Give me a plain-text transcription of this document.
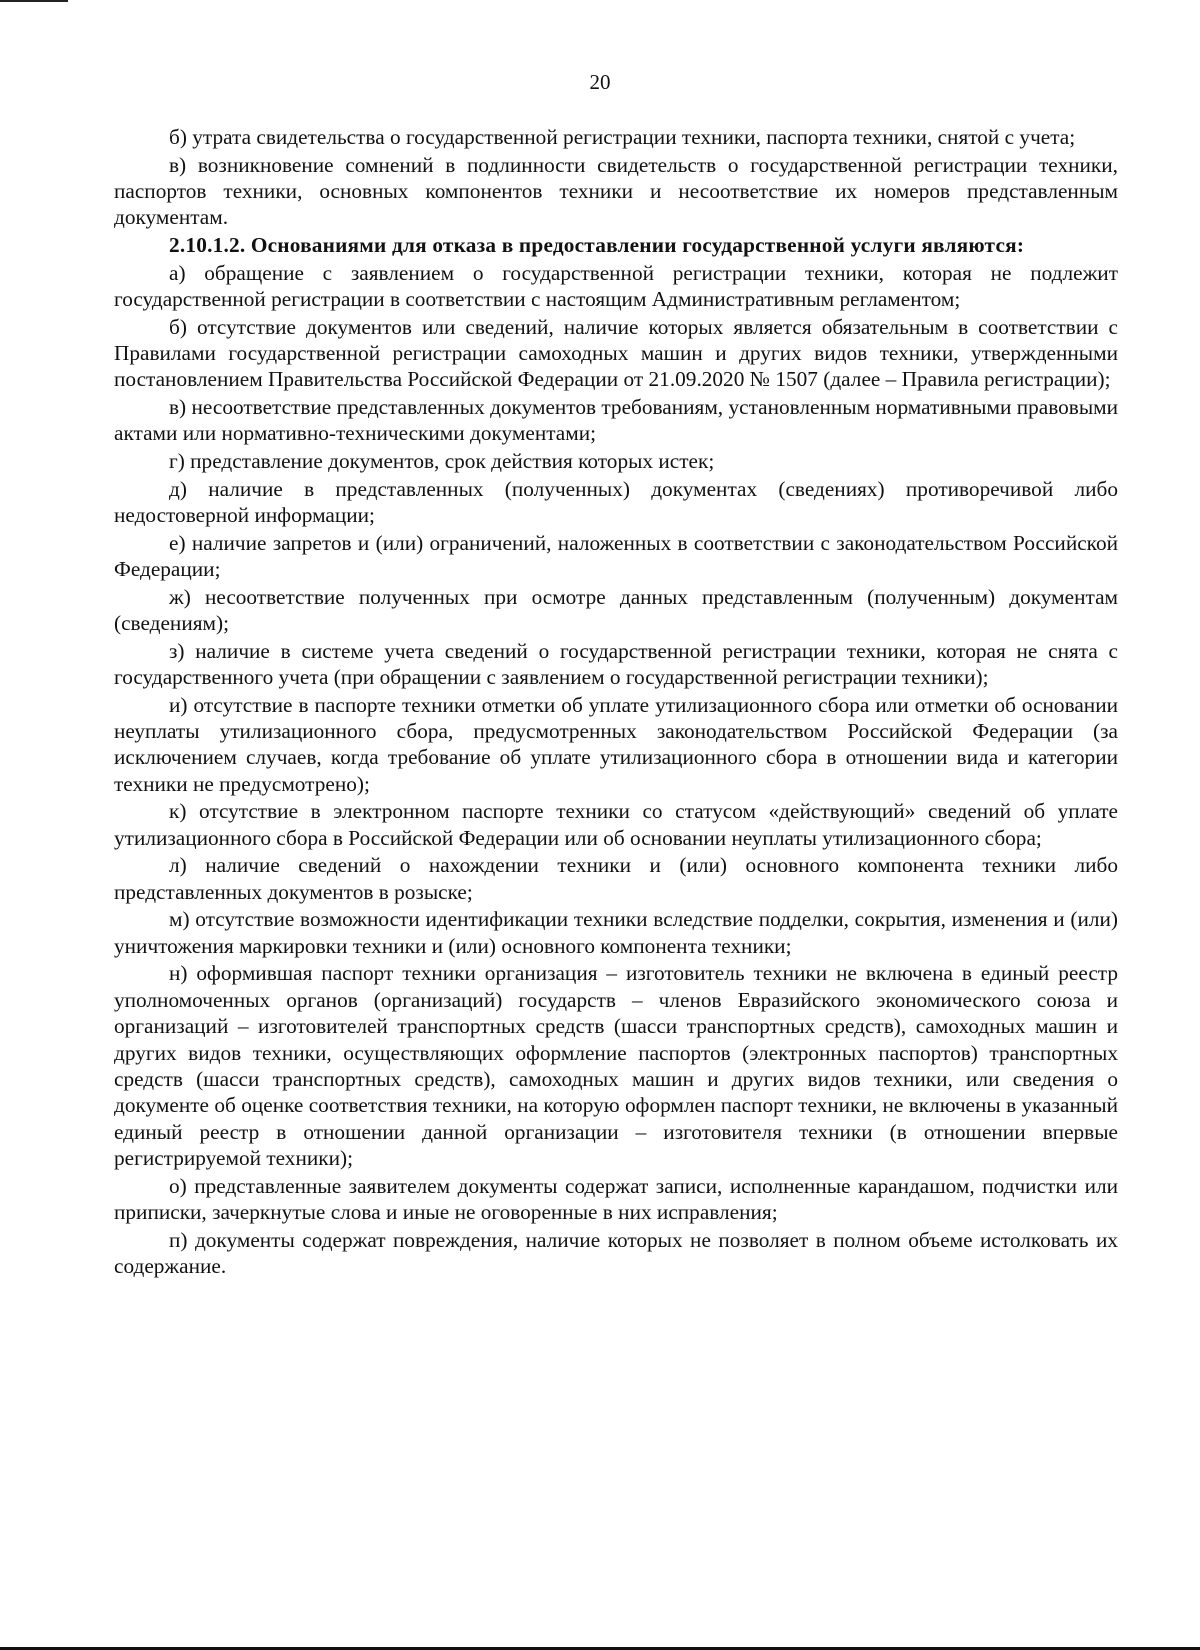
20

б) утрата свидетельства о государственной регистрации техники, паспорта техники, снятой с учета;

в) возникновение сомнений в подлинности свидетельств о государственной регистрации техники, паспортов техники, основных компонентов техники и несоответствие их номеров представленным документам.

2.10.1.2. Основаниями для отказа в предоставлении государственной услуги являются:

а) обращение с заявлением о государственной регистрации техники, которая не подлежит государственной регистрации в соответствии с настоящим Административным регламентом;

б) отсутствие документов или сведений, наличие которых является обязательным в соответствии с Правилами государственной регистрации самоходных машин и других видов техники, утвержденными постановлением Правительства Российской Федерации от 21.09.2020 № 1507 (далее – Правила регистрации);

в) несоответствие представленных документов требованиям, установленным нормативными правовыми актами или нормативно-техническими документами;

г) представление документов, срок действия которых истек;

д) наличие в представленных (полученных) документах (сведениях) противоречивой либо недостоверной информации;

е) наличие запретов и (или) ограничений, наложенных в соответствии с законодательством Российской Федерации;

ж) несоответствие полученных при осмотре данных представленным (полученным) документам (сведениям);

з) наличие в системе учета сведений о государственной регистрации техники, которая не снята с государственного учета (при обращении с заявлением о государственной регистрации техники);

и) отсутствие в паспорте техники отметки об уплате утилизационного сбора или отметки об основании неуплаты утилизационного сбора, предусмотренных законодательством Российской Федерации (за исключением случаев, когда требование об уплате утилизационного сбора в отношении вида и категории техники не предусмотрено);

к) отсутствие в электронном паспорте техники со статусом «действующий» сведений об уплате утилизационного сбора в Российской Федерации или об основании неуплаты утилизационного сбора;

л) наличие сведений о нахождении техники и (или) основного компонента техники либо представленных документов в розыске;

м) отсутствие возможности идентификации техники вследствие подделки, сокрытия, изменения и (или) уничтожения маркировки техники и (или) основного компонента техники;

н) оформившая паспорт техники организация – изготовитель техники не включена в единый реестр уполномоченных органов (организаций) государств – членов Евразийского экономического союза и организаций – изготовителей транспортных средств (шасси транспортных средств), самоходных машин и других видов техники, осуществляющих оформление паспортов (электронных паспортов) транспортных средств (шасси транспортных средств), самоходных машин и других видов техники, или сведения о документе об оценке соответствия техники, на которую оформлен паспорт техники, не включены в указанный единый реестр в отношении данной организации – изготовителя техники (в отношении впервые регистрируемой техники);

о) представленные заявителем документы содержат записи, исполненные карандашом, подчистки или приписки, зачеркнутые слова и иные не оговоренные в них исправления;

п) документы содержат повреждения, наличие которых не позволяет в полном объеме истолковать их содержание.
